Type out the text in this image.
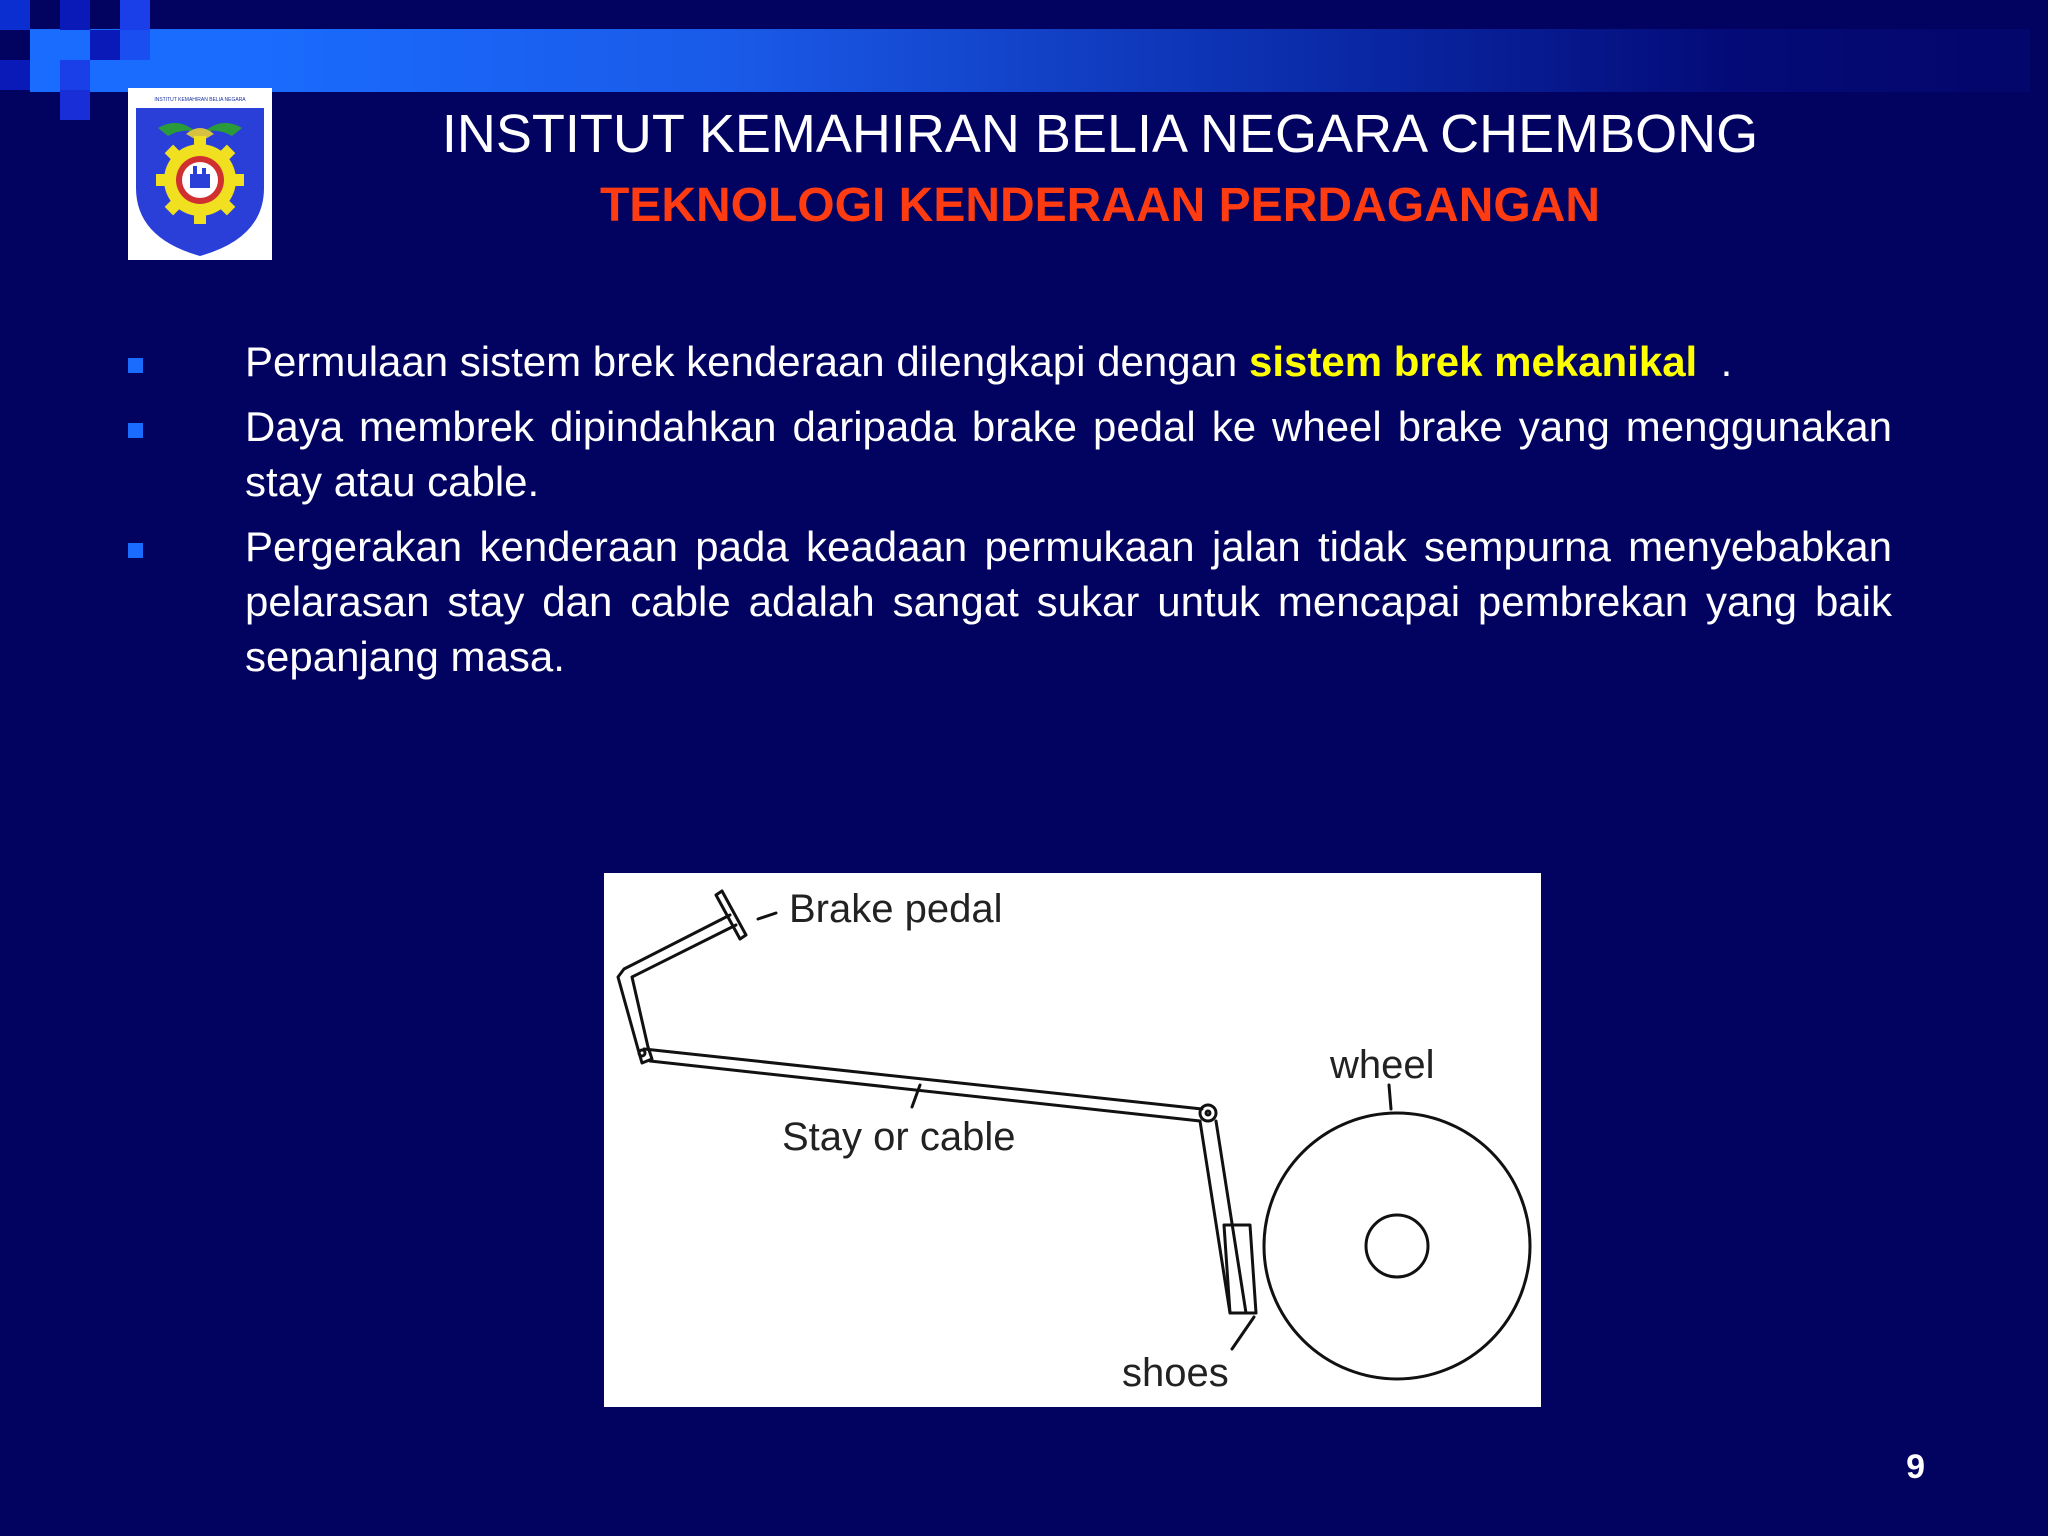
INSTITUT KEMAHIRAN BELIA NEGARA
INSTITUT KEMAHIRAN BELIA NEGARA CHEMBONG
TEKNOLOGI KENDERAAN PERDAGANGAN
Permulaan sistem brek kenderaan dilengkapi dengan sistem brek mekanikal  .
Daya membrek dipindahkan daripada brake pedal ke wheel brake yang menggunakan stay atau cable.
Pergerakan kenderaan pada keadaan permukaan jalan tidak sempurna menyebabkan pelarasan stay dan cable adalah sangat sukar untuk mencapai pembrekan yang baik sepanjang masa.
Brake pedal
Stay or cable
wheel
shoes
9
